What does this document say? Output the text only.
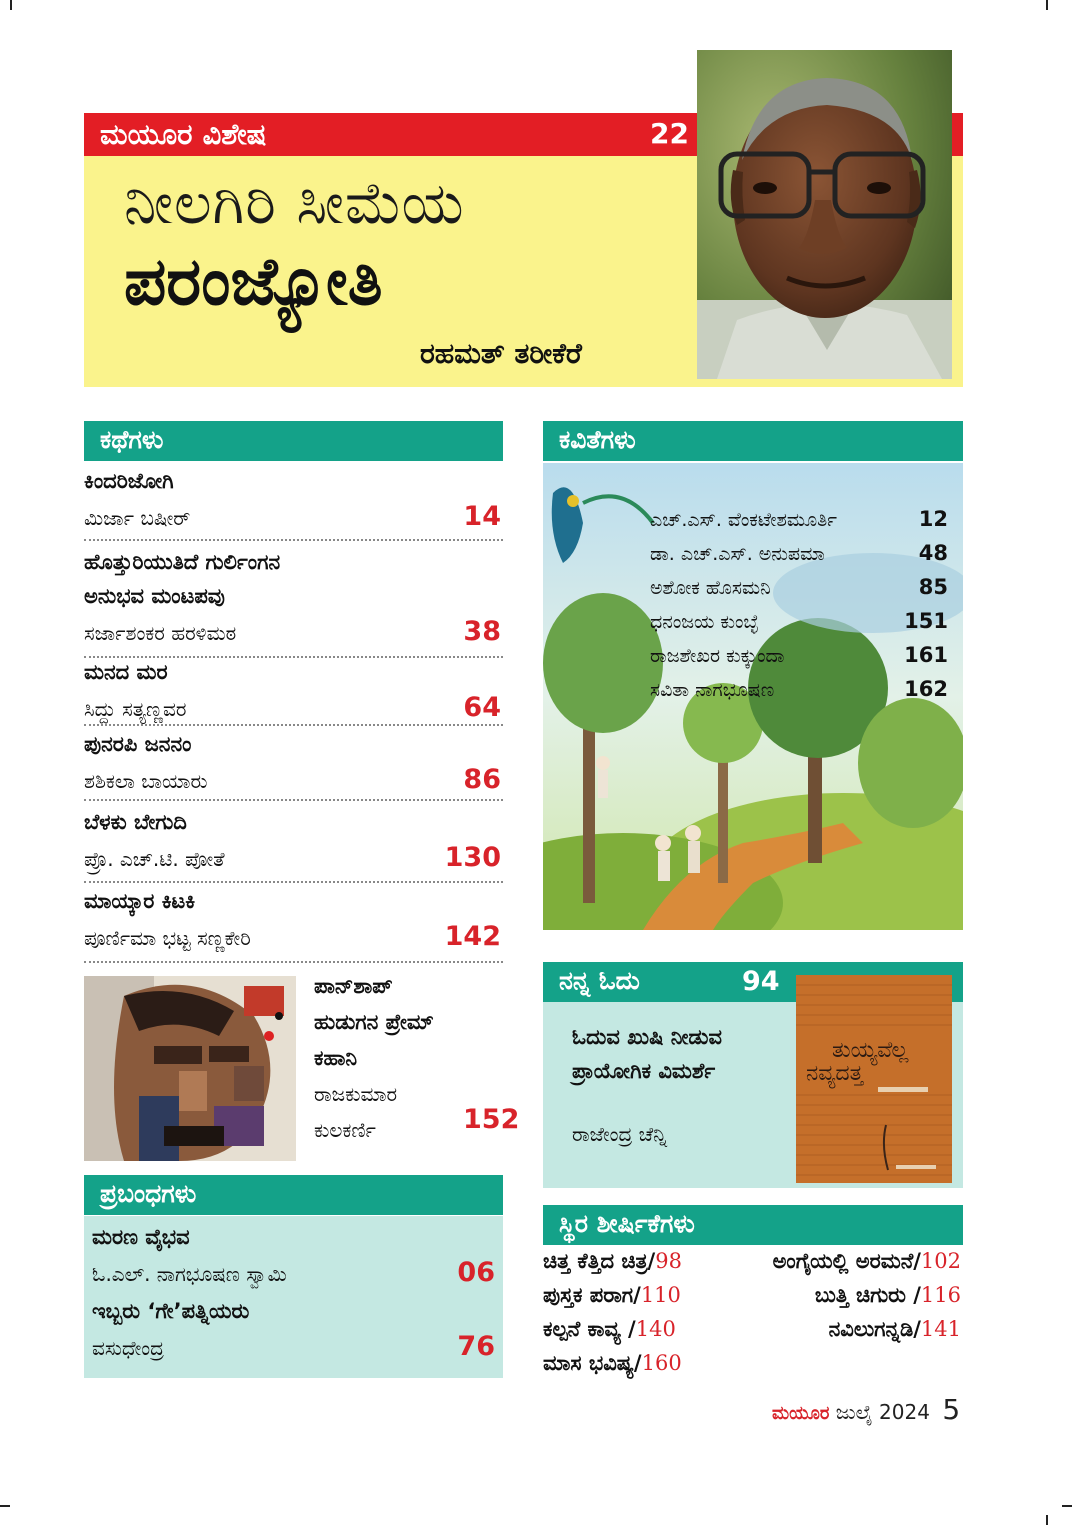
ಮಯೂರ ವಿಶೇಷ	22
ನೀಲಗಿರಿ ಸೀಮೆಯ
ಪರಂಜ್ಯೋತಿ
ರಹಮತ್ ತರೀಕೆರೆ
ಕಥೆಗಳು
ಕಿಂದರಿಜೋಗಿ
ಮಿರ್ಜಾ ಬಷೀರ್	14
ಹೊತ್ತುರಿಯುತಿದೆ ಗುರ್ಲಿಂಗನ
ಅನುಭವ ಮಂಟಪವು
ಸರ್ಜಾಶಂಕರ ಹರಳಿಮಠ	38
ಮನದ ಮರ
ಸಿದ್ದು ಸತ್ಯಣ್ಣವರ	64
ಪುನರಪಿ ಜನನಂ
ಶಶಿಕಲಾ ಬಾಯಾರು	86
ಬೆಳಕು ಬೇಗುದಿ
ಪ್ರೊ. ಎಚ್.ಟಿ. ಪೋತೆ	130
ಮಾಯ್ಕಾರ ಕಿಟಕಿ
ಪೂರ್ಣಿಮಾ ಭಟ್ಟ ಸಣ್ಣಕೇರಿ	142
ಪಾನ್‌ಶಾಪ್
ಹುಡುಗನ ಪ್ರೇಮ್
ಕಹಾನಿ
ರಾಜಕುಮಾರ
ಕುಲಕರ್ಣಿ	152
ಪ್ರಬಂಧಗಳು
ಮರಣ ವೈಭವ
ಓ.ಎಲ್. ನಾಗಭೂಷಣ ಸ್ವಾಮಿ	06
ಇಬ್ಬರು ‘ಗೇ’ಪತ್ನಿಯರು
ವಸುಧೇಂದ್ರ	76
ಕವಿತೆಗಳು
ಎಚ್.ಎಸ್. ವೆಂಕಟೇಶಮೂರ್ತಿ	12
ಡಾ. ಎಚ್.ಎಸ್. ಅನುಪಮಾ	48
ಅಶೋಕ ಹೊಸಮನಿ	85
ಧನಂಜಯ ಕುಂಬ್ಳೆ	151
ರಾಜಶೇಖರ ಕುಕ್ಕುಂದಾ	161
ಸವಿತಾ ನಾಗಭೂಷಣ	162
ನನ್ನ ಓದು	94
ಓದುವ ಖುಷಿ ನೀಡುವ
ಪ್ರಾಯೋಗಿಕ ವಿಮರ್ಶೆ
ರಾಜೇಂದ್ರ ಚೆನ್ನಿ
ತುಯ್ಯವೆಲ್ಲ
ನವ್ಯದತ್ತ
ಸ್ಥಿರ ಶೀರ್ಷಿಕೆಗಳು
ಚಿತ್ತ ಕೆತ್ತಿದ ಚಿತ್ರ/98	ಅಂಗೈಯಲ್ಲಿ ಅರಮನೆ/102
ಪುಸ್ತಕ ಪರಾಗ/110	ಬುತ್ತಿ ಚಿಗುರು /116
ಕಲ್ಪನೆ ಕಾವ್ಯ /140	ನವಿಲುಗನ್ನಡಿ/141
ಮಾಸ ಭವಿಷ್ಯ/160
ಮಯೂರ ಜುಲೈ 2024 5
